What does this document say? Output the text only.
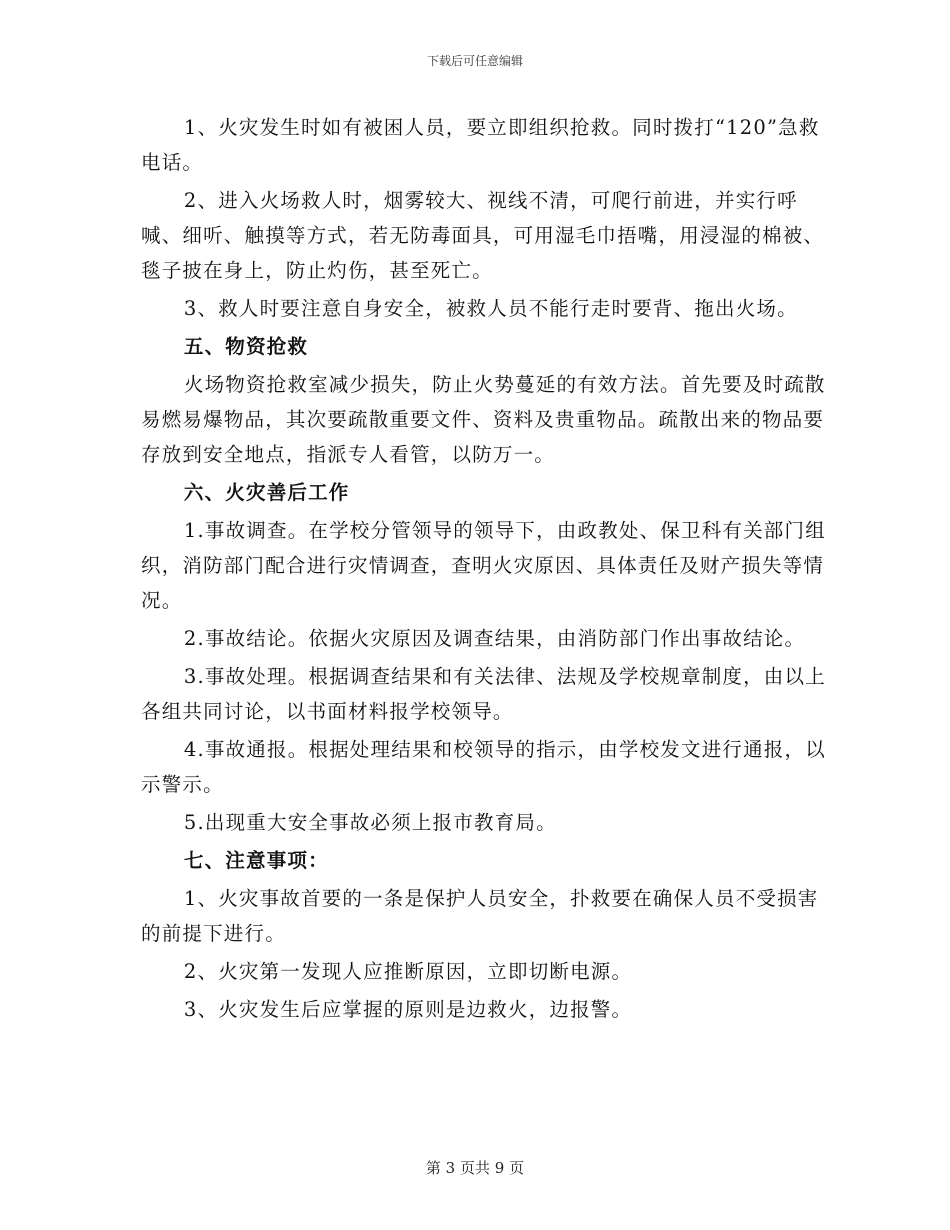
下载后可任意编辑

1、火灾发生时如有被困人员，要立即组织抢救。同时拨打“120”急救电话。

2、进入火场救人时，烟雾较大、视线不清，可爬行前进，并实行呼喊、细听、触摸等方式，若无防毒面具，可用湿毛巾捂嘴，用浸湿的棉被、毯子披在身上，防止灼伤，甚至死亡。

3、救人时要注意自身安全，被救人员不能行走时要背、拖出火场。

五、物资抢救

火场物资抢救室减少损失，防止火势蔓延的有效方法。首先要及时疏散易燃易爆物品，其次要疏散重要文件、资料及贵重物品。疏散出来的物品要存放到安全地点，指派专人看管，以防万一。

六、火灾善后工作

1.事故调查。在学校分管领导的领导下，由政教处、保卫科有关部门组织，消防部门配合进行灾情调查，查明火灾原因、具体责任及财产损失等情况。

2.事故结论。依据火灾原因及调查结果，由消防部门作出事故结论。

3.事故处理。根据调查结果和有关法律、法规及学校规章制度，由以上各组共同讨论，以书面材料报学校领导。

4.事故通报。根据处理结果和校领导的指示，由学校发文进行通报，以示警示。

5.出现重大安全事故必须上报市教育局。

七、注意事项：

1、火灾事故首要的一条是保护人员安全，扑救要在确保人员不受损害的前提下进行。

2、火灾第一发现人应推断原因，立即切断电源。

3、火灾发生后应掌握的原则是边救火，边报警。

第 3 页共 9 页
